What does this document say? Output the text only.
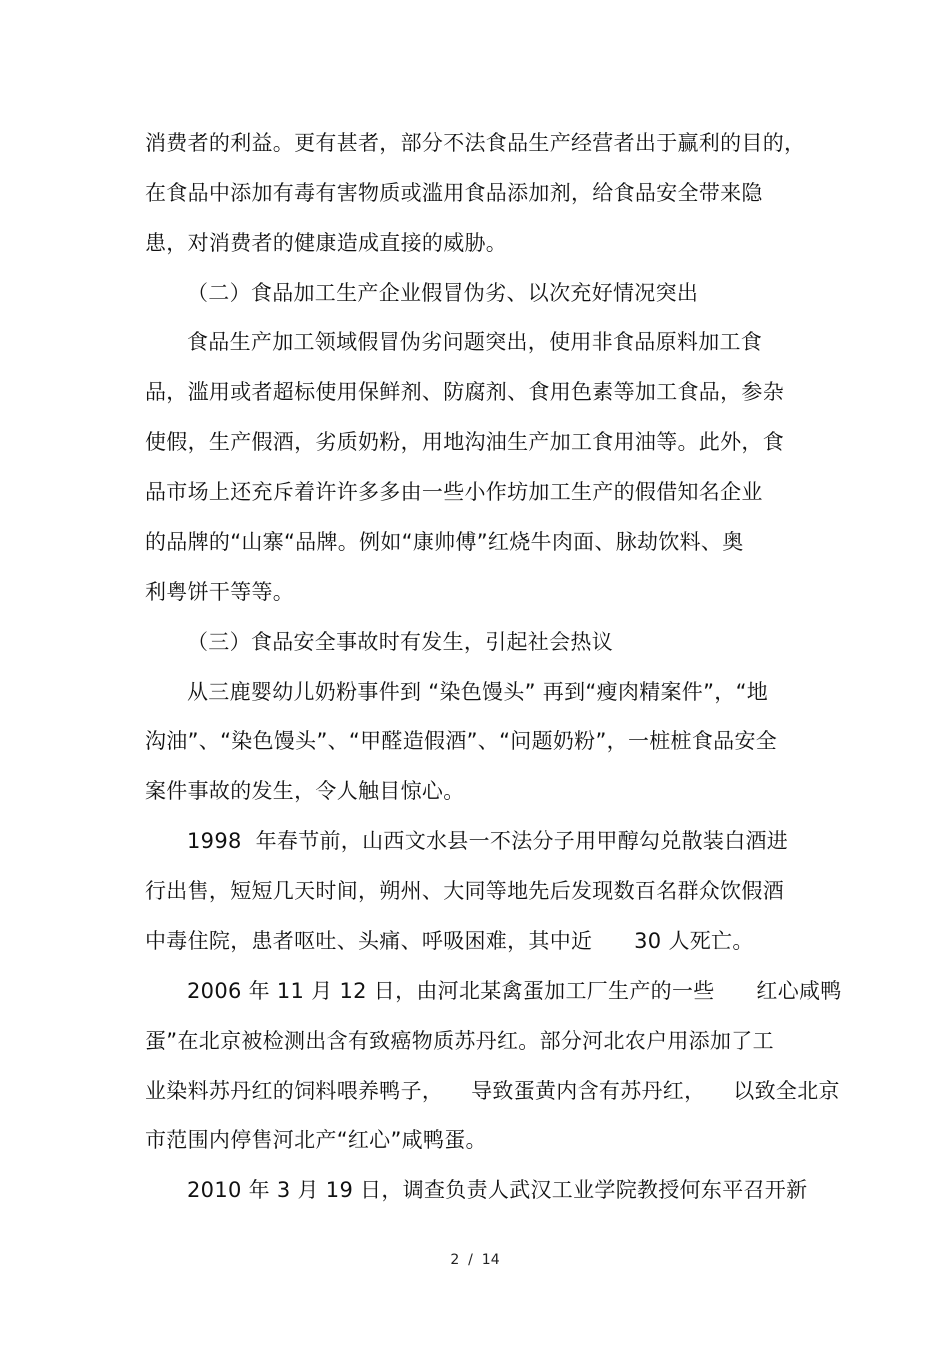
消费者的利益。更有甚者，部分不法食品生产经营者出于赢利的目的，
在食品中添加有毒有害物质或滥用食品添加剂，给食品安全带来隐
患，对消费者的健康造成直接的威胁。
（二）食品加工生产企业假冒伪劣、以次充好情况突出
食品生产加工领域假冒伪劣问题突出，使用非食品原料加工食
品，滥用或者超标使用保鲜剂、防腐剂、食用色素等加工食品，参杂
使假，生产假酒，劣质奶粉，用地沟油生产加工食用油等。此外，食
品市场上还充斥着许许多多由一些小作坊加工生产的假借知名企业
的品牌的“山寨“品牌。例如“康帅傅”红烧牛肉面、脉劫饮料、奥
利粤饼干等等。
（三）食品安全事故时有发生，引起社会热议
从三鹿婴幼儿奶粉事件到 “染色馒头” 再到“瘦肉精案件”，“地
沟油”、“染色馒头”、“甲醛造假酒”、“问题奶粉”，一桩桩食品安全
案件事故的发生，令人触目惊心。
1998  年春节前，山西文水县一不法分子用甲醇勾兑散装白酒进
行出售，短短几天时间，朔州、大同等地先后发现数百名群众饮假酒
中毒住院，患者呕吐、头痛、呼吸困难，其中近      30 人死亡。
2006 年 11 月 12 日，由河北某禽蛋加工厂生产的一些      红心咸鸭
蛋”在北京被检测出含有致癌物质苏丹红。部分河北农户用添加了工
业染料苏丹红的饲料喂养鸭子，    导致蛋黄内含有苏丹红，    以致全北京
市范围内停售河北产“红心”咸鸭蛋。
2010 年 3 月 19 日，调查负责人武汉工业学院教授何东平召开新
2  /  14
